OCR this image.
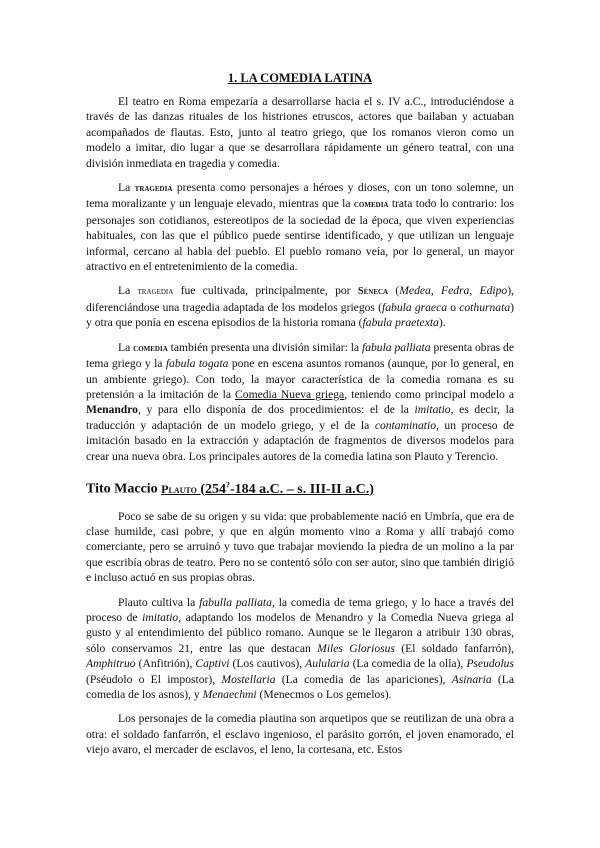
1. LA COMEDIA LATINA

El teatro en Roma empezaría a desarrollarse hacia el s. IV a.C., introduciéndose a través de las danzas rituales de los histriones etruscos, actores que bailaban y actuaban acompañados de flautas. Esto, junto al teatro griego, que los romanos vieron como un modelo a imitar, dio lugar a que se desarrollara rápidamente un género teatral, con una división inmediata en tragedia y comedia.

La tragedia presenta como personajes a héroes y dioses, con un tono solemne, un tema moralizante y un lenguaje elevado, mientras que la comedia trata todo lo contrario: los personajes son cotidianos, estereotipos de la sociedad de la época, que viven experiencias habituales, con las que el público puede sentirse identificado, y que utilizan un lenguaje informal, cercano al habla del pueblo. El pueblo romano veía, por lo general, un mayor atractivo en el entretenimiento de la comedia.

La tragedia fue cultivada, principalmente, por Séneca (Medea, Fedra, Edipo), diferenciándose una tragedia adaptada de los modelos griegos (fabula graeca o cothurnata) y otra que ponía en escena episodios de la historia romana (fabula praetexta).

La comedia también presenta una división similar: la fabula palliata presenta obras de tema griego y la fabula togata pone en escena asuntos romanos (aunque, por lo general, en un ambiente griego). Con todo, la mayor característica de la comedia romana es su pretensión a la imitación de la Comedia Nueva griega, teniendo como principal modelo a Menandro, y para ello disponía de dos procedimientos: el de la imitatio, es decir, la traducción y adaptación de un modelo griego, y el de la contaminatio, un proceso de imitación basado en la extracción y adaptación de fragmentos de diversos modelos para crear una nueva obra. Los principales autores de la comedia latina son Plauto y Terencio.

Tito Maccio Plauto (254?-184 a.C. – s. III-II a.C.)

Poco se sabe de su origen y su vida: que probablemente nació en Umbría, que era de clase humilde, casi pobre, y que en algún momento vino a Roma y allí trabajó como comerciante, pero se arruinó y tuvo que trabajar moviendo la piedra de un molino a la par que escribía obras de teatro. Pero no se contentó sólo con ser autor, sino que también dirigió e incluso actuó en sus propias obras.

Plauto cultiva la fabulla palliata, la comedia de tema griego, y lo hace a través del proceso de imitatio, adaptando los modelos de Menandro y la Comedia Nueva griega al gusto y al entendimiento del público romano. Aunque se le llegaron a atribuir 130 obras, sólo conservamos 21, entre las que destacan Miles Gloriosus (El soldado fanfarrón), Amphitruo (Anfitrión), Captivi (Los cautivos), Aulularia (La comedia de la olla), Pseudolus (Pséudolo o El impostor), Mostellaria (La comedia de las apariciones), Asinaria (La comedia de los asnos), y Menaechmi (Menecmos o Los gemelos).

Los personajes de la comedia plautina son arquetipos que se reutilizan de una obra a otra: el soldado fanfarrón, el esclavo ingenioso, el parásito gorrón, el joven enamorado, el viejo avaro, el mercader de esclavos, el leno, la cortesana, etc. Estos
